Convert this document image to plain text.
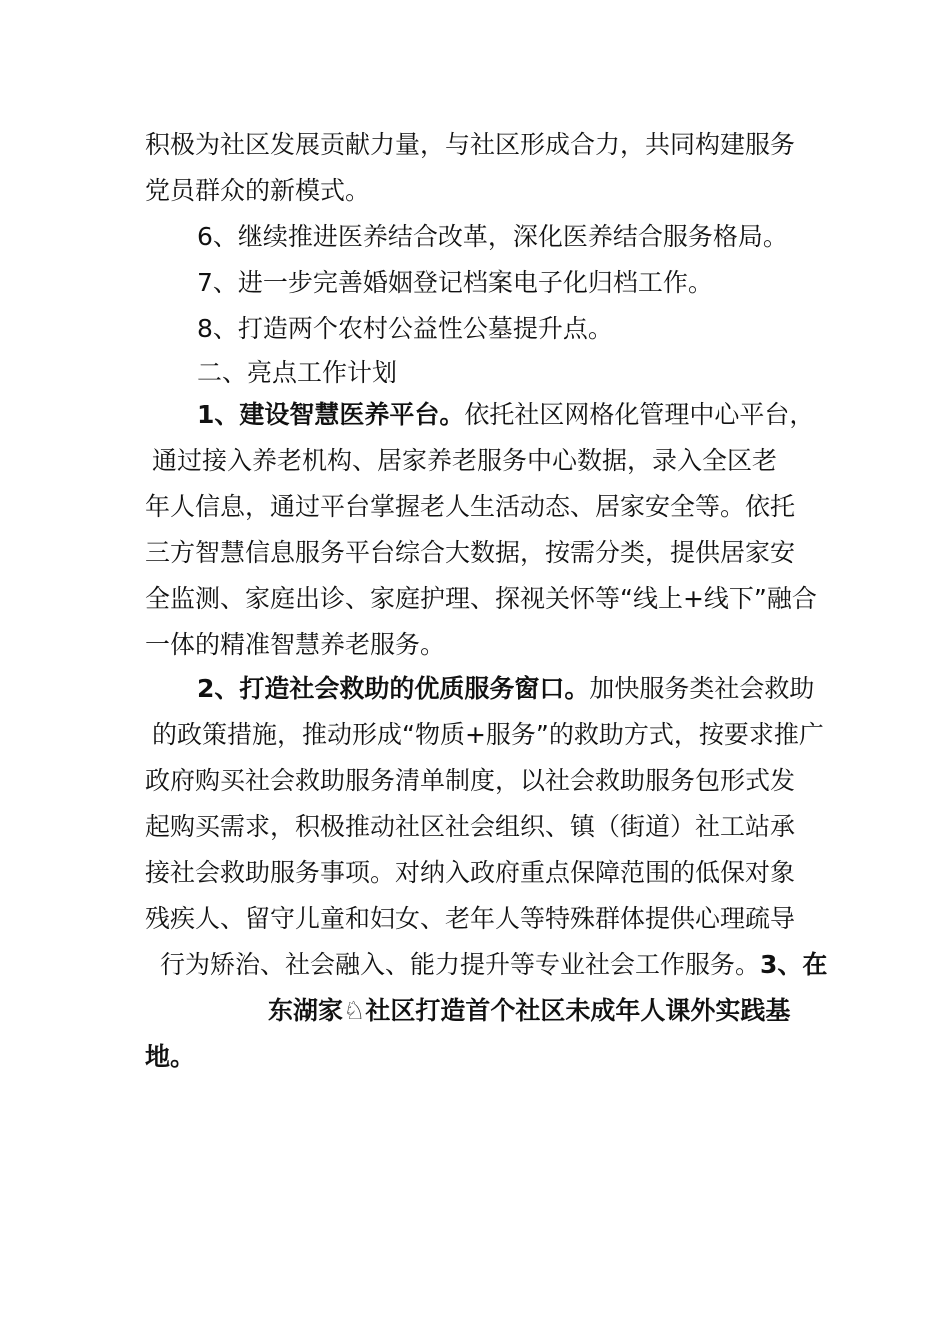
积极为社区发展贡献力量，与社区形成合力，共同构建服务
党员群众的新模式。
6、继续推进医养结合改革，深化医养结合服务格局。
7、进一步完善婚姻登记档案电子化归档工作。
8、打造两个农村公益性公墓提升点。
二、亮点工作计划
1、建设智慧医养平台。依托社区网格化管理中心平台，
通过接入养老机构、居家养老服务中心数据，录入全区老
年人信息，通过平台掌握老人生活动态、居家安全等。依托
三方智慧信息服务平台综合大数据，按需分类，提供居家安
全监测、家庭出诊、家庭护理、探视关怀等“线上+线下”融合
一体的精准智慧养老服务。
2、打造社会救助的优质服务窗口。加快服务类社会救助
的政策措施，推动形成“物质+服务”的救助方式，按要求推广
政府购买社会救助服务清单制度，以社会救助服务包形式发
起购买需求，积极推动社区社会组织、镇（街道）社工站承
接社会救助服务事项。对纳入政府重点保障范围的低保对象
残疾人、留守儿童和妇女、老年人等特殊群体提供心理疏导
行为矫治、社会融入、能力提升等专业社会工作服务。3、在
东湖家♘社区打造首个社区未成年人课外实践基
地。
